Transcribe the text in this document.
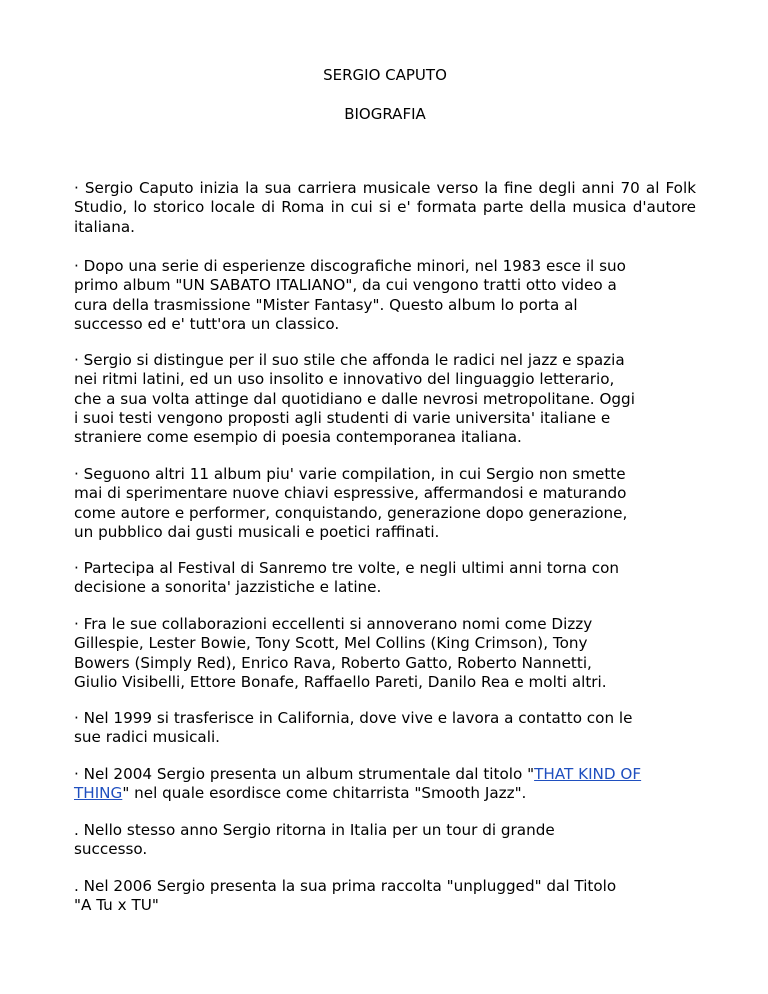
SERGIO CAPUTO

BIOGRAFIA

· Sergio Caputo inizia la sua carriera musicale verso la fine degli anni 70 al Folk Studio, lo storico locale di Roma in cui si e' formata parte della musica d'autore italiana.

· Dopo una serie di esperienze discografiche minori, nel 1983 esce il suo
primo album "UN SABATO ITALIANO", da cui vengono tratti otto video a
cura della trasmissione "Mister Fantasy". Questo album lo porta al
successo ed e' tutt'ora un classico.

· Sergio si distingue per il suo stile che affonda le radici nel jazz e spazia
nei ritmi latini, ed un uso insolito e innovativo del linguaggio letterario,
che a sua volta attinge dal quotidiano e dalle nevrosi metropolitane. Oggi
i suoi testi vengono proposti agli studenti di varie universita' italiane e
straniere come esempio di poesia contemporanea italiana.

· Seguono altri 11 album piu' varie compilation, in cui Sergio non smette
mai di sperimentare nuove chiavi espressive, affermandosi e maturando
come autore e performer, conquistando, generazione dopo generazione,
un pubblico dai gusti musicali e poetici raffinati.

· Partecipa al Festival di Sanremo tre volte, e negli ultimi anni torna con
decisione a sonorita' jazzistiche e latine.

· Fra le sue collaborazioni eccellenti si annoverano nomi come Dizzy
Gillespie, Lester Bowie, Tony Scott, Mel Collins (King Crimson), Tony
Bowers (Simply Red), Enrico Rava, Roberto Gatto, Roberto Nannetti,
Giulio Visibelli, Ettore Bonafe, Raffaello Pareti, Danilo Rea e molti altri.

· Nel 1999 si trasferisce in California, dove vive e lavora a contatto con le
sue radici musicali.

· Nel 2004 Sergio presenta un album strumentale dal titolo "THAT KIND OF THING" nel quale esordisce come chitarrista "Smooth Jazz".

. Nello stesso anno Sergio ritorna in Italia per un tour di grande
successo.

. Nel 2006 Sergio presenta la sua prima raccolta "unplugged" dal Titolo
"A Tu x TU"
